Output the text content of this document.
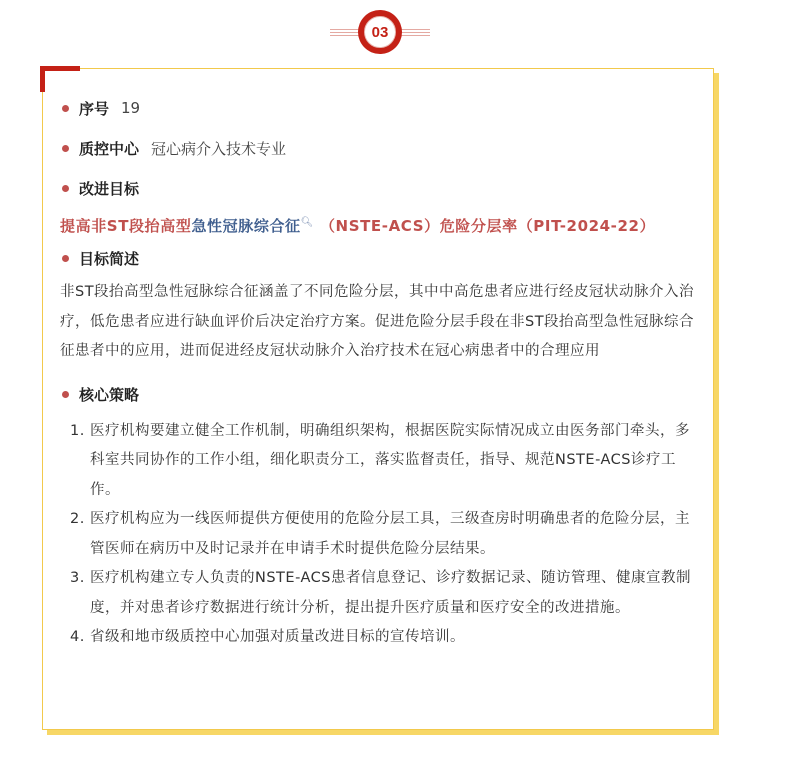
03
序号 19
质控中心 冠心病介入技术专业
改进目标
提高非ST段抬高型急性冠脉综合征🔍︎ （NSTE-ACS）危险分层率（PIT-2024-22）
目标简述
非ST段抬高型急性冠脉综合征涵盖了不同危险分层，其中中高危患者应进行经皮冠状动脉介入治疗，低危患者应进行缺血评价后决定治疗方案。促进危险分层手段在非ST段抬高型急性冠脉综合征患者中的应用，进而促进经皮冠状动脉介入治疗技术在冠心病患者中的合理应用
核心策略
1. 医疗机构要建立健全工作机制，明确组织架构，根据医院实际情况成立由医务部门牵头，多科室共同协作的工作小组，细化职责分工，落实监督责任，指导、规范NSTE-ACS诊疗工作。
2. 医疗机构应为一线医师提供方便使用的危险分层工具，三级查房时明确患者的危险分层，主管医师在病历中及时记录并在申请手术时提供危险分层结果。
3. 医疗机构建立专人负责的NSTE-ACS患者信息登记、诊疗数据记录、随访管理、健康宣教制度，并对患者诊疗数据进行统计分析，提出提升医疗质量和医疗安全的改进措施。
4. 省级和地市级质控中心加强对质量改进目标的宣传培训。
